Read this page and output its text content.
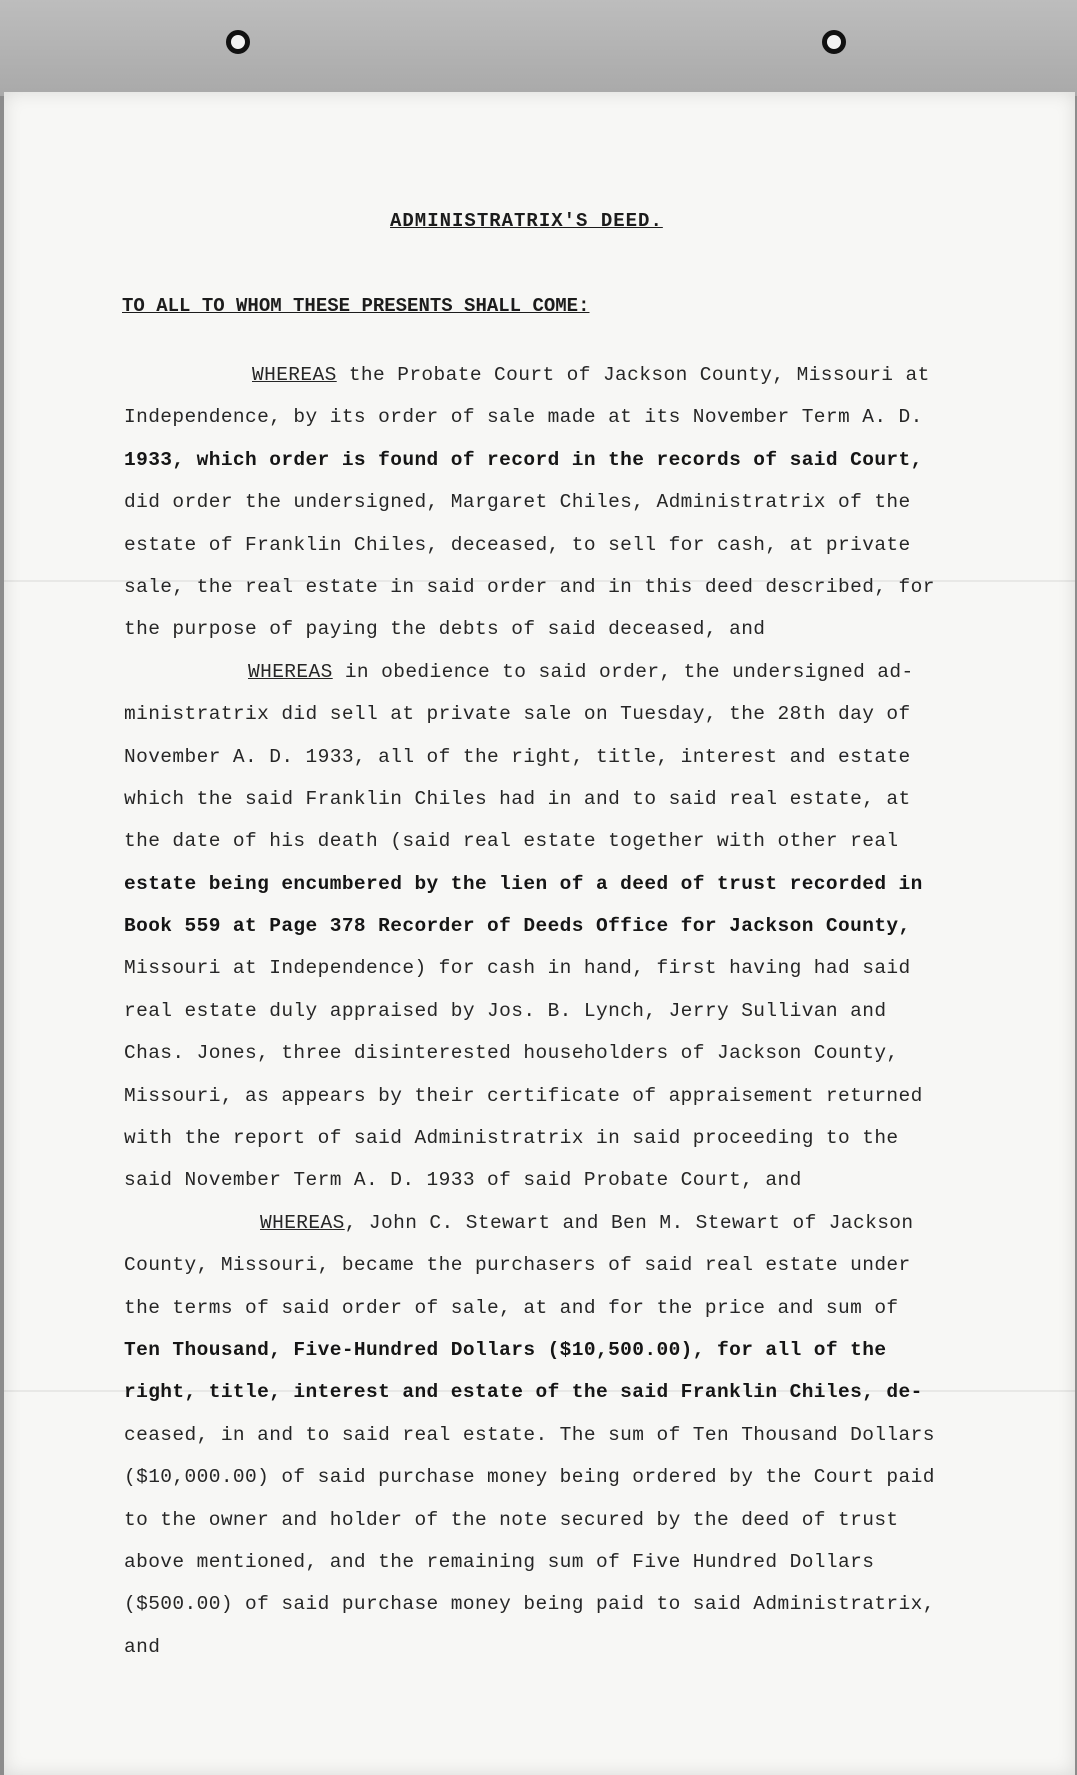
ADMINISTRATRIX'S DEED.

TO ALL TO WHOM THESE PRESENTS SHALL COME:

WHEREAS the Probate Court of Jackson County, Missouri at
Independence, by its order of sale made at its November Term A. D.
1933, which order is found of record in the records of said Court,
did order the undersigned, Margaret Chiles, Administratrix of the
estate of Franklin Chiles, deceased, to sell for cash, at private
sale, the real estate in said order and in this deed described, for
the purpose of paying the debts of said deceased, and
WHEREAS in obedience to said order, the undersigned ad-
ministratrix did sell at private sale on Tuesday, the 28th day of
November A. D. 1933, all of the right, title, interest and estate
which the said Franklin Chiles had in and to said real estate, at
the date of his death (said real estate together with other real
estate being encumbered by the lien of a deed of trust recorded in
Book 559 at Page 378 Recorder of Deeds Office for Jackson County,
Missouri at Independence) for cash in hand, first having had said
real estate duly appraised by Jos. B. Lynch, Jerry Sullivan and
Chas. Jones, three disinterested householders of Jackson County,
Missouri, as appears by their certificate of appraisement returned
with the report of said Administratrix in said proceeding to the
said November Term A. D. 1933 of said Probate Court, and
WHEREAS, John C. Stewart and Ben M. Stewart of Jackson
County, Missouri, became the purchasers of said real estate under
the terms of said order of sale, at and for the price and sum of
Ten Thousand, Five-Hundred Dollars ($10,500.00), for all of the
right, title, interest and estate of the said Franklin Chiles, de-
ceased, in and to said real estate. The sum of Ten Thousand Dollars
($10,000.00) of said purchase money being ordered by the Court paid
to the owner and holder of the note secured by the deed of trust
above mentioned, and the remaining sum of Five Hundred Dollars
($500.00) of said purchase money being paid to said Administratrix,
and
